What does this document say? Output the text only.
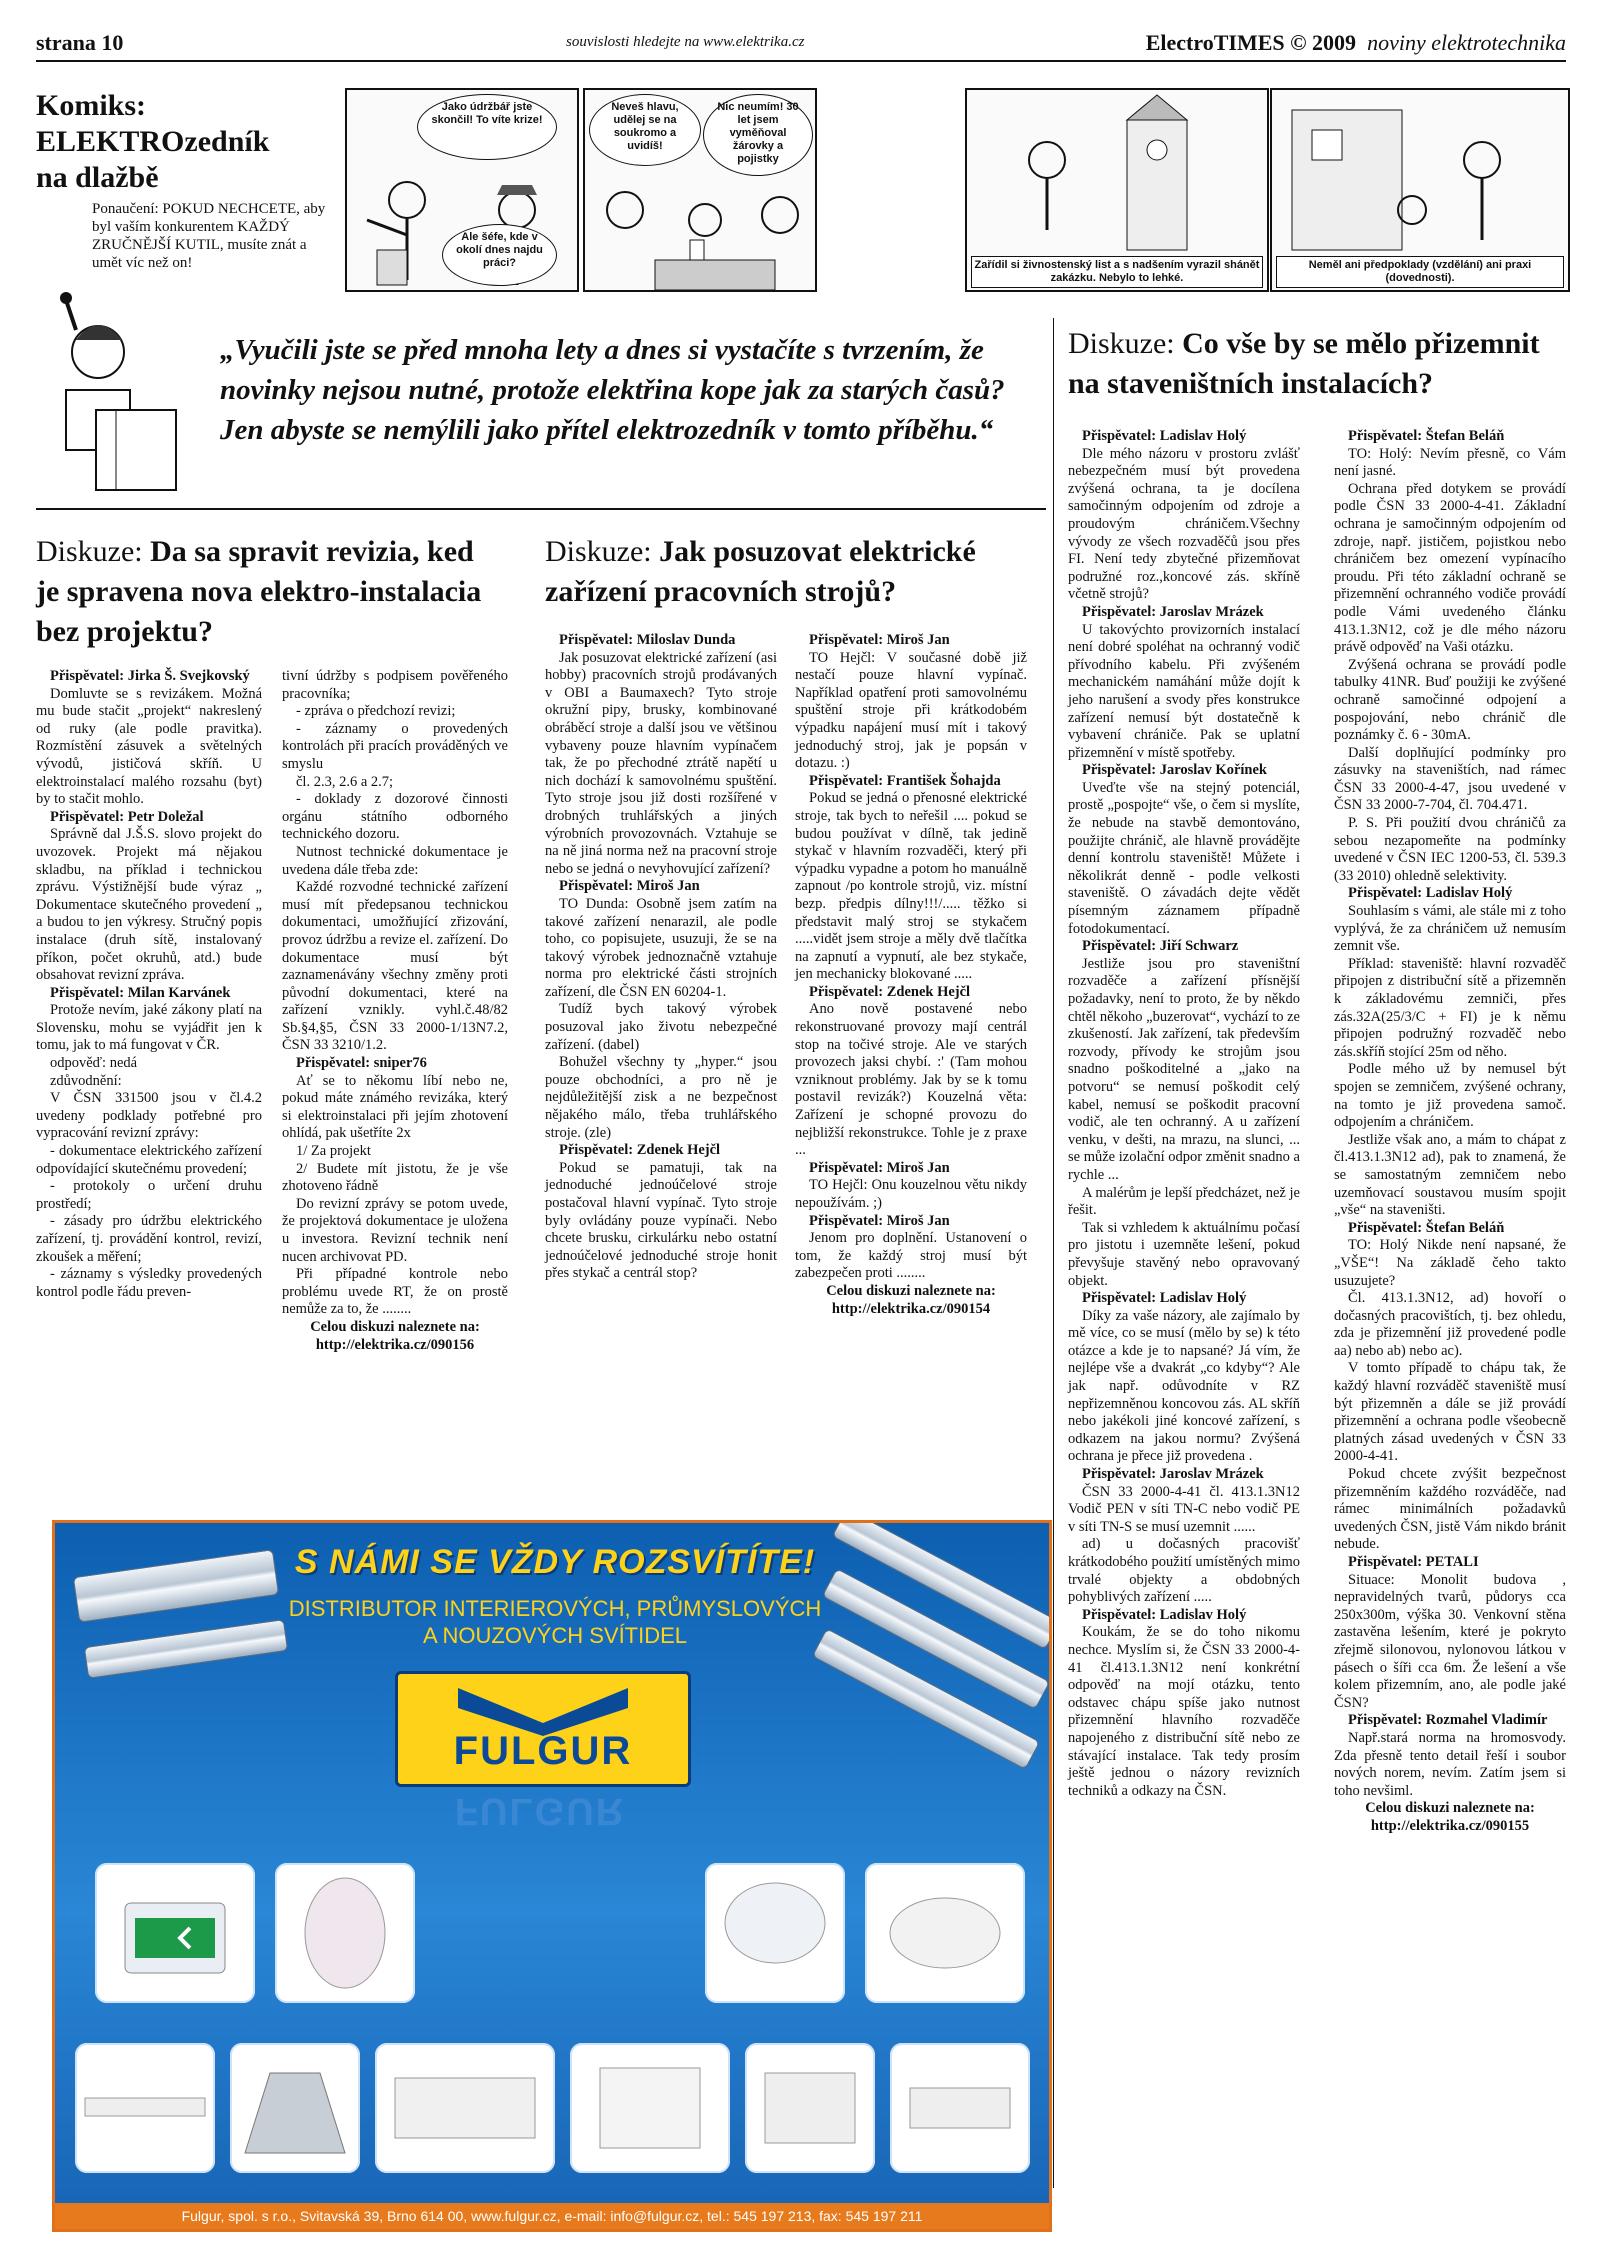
strana 10	souvislosti hledejte na www.elektrika.cz	ElectroTIMES © 2009 noviny elektrotechnika
Komiks:
ELEKTROzedník
na dlažbě
Ponaučení: POKUD NECHCETE, aby byl vaším konkurentem KAŽDÝ ZRUČNĚJŠÍ KUTIL, musíte znát a umět víc než on!
Jako údržbář jste skončil! To víte krize!
Ale šéfe, kde v okolí dnes najdu práci?
Neveš hlavu, udělej se na soukromo a uvidíš!
Nic neumím! 30 let jsem vyměňoval žárovky a pojistky
Zařídil si živnostenský list a s nadšením vyrazil shánět zakázku. Nebylo to lehké.
Neměl ani předpoklady (vzdělání) ani praxi (dovednosti).
„Vyučili jste se před mnoha lety a dnes si vystačíte s tvrzením, že novinky nejsou nutné, protože elektřina kope jak za starých časů? Jen abyste se nemýlili jako přítel elektrozedník v tomto příběhu.“
Diskuze: Da sa spravit revizia, ked je spravena nova elektro-instalacia bez projektu?

Přispěvatel: Jirka Š. Svejkovský

Domluvte se s revizákem. Možná mu bude stačit „projekt“ nakreslený od ruky (ale podle pravitka). Rozmístění zásuvek a světelných vývodů, jističová skříň. U elektroinstalací malého rozsahu (byt) by to stačit mohlo.

Přispěvatel: Petr Doležal

Správně dal J.Š.S. slovo projekt do uvozovek. Projekt má nějakou skladbu, na příklad i technickou zprávu. Výstižnější bude výraz „ Dokumentace skutečného provedení „ a budou to jen výkresy. Stručný popis instalace (druh sítě, instalovaný příkon, počet okruhů, atd.) bude obsahovat revizní zpráva.

Přispěvatel: Milan Karvánek

Protože nevím, jaké zákony platí na Slovensku, mohu se vyjádřit jen k tomu, jak to má fungovat v ČR.

odpověď: nedá

zdůvodnění:

V ČSN 331500 jsou v čl.4.2 uvedeny podklady potřebné pro vypracování revizní zprávy:

- dokumentace elektrického zařízení odpovídající skutečnému provedení;

- protokoly o určení druhu prostředí;

- zásady pro údržbu elektrického zařízení, tj. provádění kontrol, revizí, zkoušek a měření;

- záznamy s výsledky provedených kontrol podle řádu preven-

tivní údržby s podpisem pověřeného pracovníka;

- zpráva o předchozí revizi;

- záznamy o provedených kontrolách při pracích prováděných ve smyslu

čl. 2.3, 2.6 a 2.7;

- doklady z dozorové činnosti orgánu státního odborného technického dozoru.

Nutnost technické dokumentace je uvedena dále třeba zde:

Každé rozvodné technické zařízení musí mít předepsanou technickou dokumentaci, umožňující zřizování, provoz údržbu a revize el. zařízení. Do dokumentace musí být zaznamenávány všechny změny proti původní dokumentaci, které na zařízení vznikly. vyhl.č.48/82 Sb.§4,§5, ČSN 33 2000-1/13N7.2, ČSN 33 3210/1.2.

Přispěvatel: sniper76

Ať se to někomu líbí nebo ne, pokud máte známého revizáka, který si elektroinstalaci při jejím zhotovení ohlídá, pak ušetříte 2x

1/ Za projekt

2/ Budete mít jistotu, že je vše zhotoveno řádně

Do revizní zprávy se potom uvede, že projektová dokumentace je uložena u investora. Revizní technik není nucen archivovat PD.

Při případné kontrole nebo problému uvede RT, že on prostě nemůže za to, že ........

Celou diskuzi naleznete na: http://elektrika.cz/090156

Diskuze: Jak posuzovat elektrické zařízení pracovních strojů?

Přispěvatel: Miloslav Dunda

Jak posuzovat elektrické zařízení (asi hobby) pracovních strojů prodávaných v OBI a Baumaxech? Tyto stroje okružní pipy, brusky, kombinované obráběcí stroje a další jsou ve většinou vybaveny pouze hlavním vypínačem tak, že po přechodné ztrátě napětí u nich dochází k samovolnému spuštění. Tyto stroje jsou již dosti rozšířené v drobných truhlářských a jiných výrobních provozovnách. Vztahuje se na ně jiná norma než na pracovní stroje nebo se jedná o nevyhovující zařízení?

Přispěvatel: Miroš Jan

TO Dunda: Osobně jsem zatím na takové zařízení nenarazil, ale podle toho, co popisujete, usuzuji, že se na takový výrobek jednoznačně vztahuje norma pro elektrické části strojních zařízení, dle ČSN EN 60204-1.

Tudíž bych takový výrobek posuzoval jako životu nebezpečné zařízení. (dabel)

Bohužel všechny ty „hyper.“ jsou pouze obchodníci, a pro ně je nejdůležitější zisk a ne bezpečnost nějakého málo, třeba truhlářského stroje. (zle)

Přispěvatel: Zdenek Hejčl

Pokud se pamatuji, tak na jednoduché jednoúčelové stroje postačoval hlavní vypínač. Tyto stroje byly ovládány pouze vypínači. Nebo chcete brusku, cirkulárku nebo ostatní jednoúčelové jednoduché stroje honit přes stykač a centrál stop?

Přispěvatel: Miroš Jan

TO Hejčl: V současné době již nestačí pouze hlavní vypínač. Například opatření proti samovolnému spuštění stroje při krátkodobém výpadku napájení musí mít i takový jednoduchý stroj, jak je popsán v dotazu. :)

Přispěvatel: František Šohajda

Pokud se jedná o přenosné elektrické stroje, tak bych to neřešil .... pokud se budou používat v dílně, tak jedině stykač v hlavním rozvaděči, který při výpadku vypadne a potom ho manuálně zapnout /po kontrole strojů, viz. místní bezp. předpis dílny!!!/..... těžko si představit malý stroj se stykačem .....vidět jsem stroje a měly dvě tlačítka na zapnutí a vypnutí, ale bez stykače, jen mechanicky blokované .....

Přispěvatel: Zdenek Hejčl

Ano nově postavené nebo rekonstruované provozy mají centrál stop na točivé stroje. Ale ve starých provozech jaksi chybí. :' (Tam mohou vzniknout problémy. Jak by se k tomu postavil revizák?) Kouzelná věta: Zařízení je schopné provozu do nejbližší rekonstrukce. Tohle je z praxe ...

Přispěvatel: Miroš Jan

TO Hejčl: Onu kouzelnou větu nikdy nepoužívám. ;)

Přispěvatel: Miroš Jan

Jenom pro doplnění. Ustanovení o tom, že každý stroj musí být zabezpečen proti ........

Celou diskuzi naleznete na: http://elektrika.cz/090154

Diskuze: Co vše by se mělo přizemnit na staveništních instalacích?

Přispěvatel: Ladislav Holý

Dle mého názoru v prostoru zvlášť nebezpečném musí být provedena zvýšená ochrana, ta je docílena samočinným odpojením od zdroje a proudovým chráničem.Všechny vývody ze všech rozvaděčů jsou přes FI. Není tedy zbytečné přizemňovat podružné roz.,koncové zás. skříně včetně strojů?

Přispěvatel: Jaroslav Mrázek

U takovýchto provizorních instalací není dobré spoléhat na ochranný vodič přívodního kabelu. Při zvýšeném mechanickém namáhání může dojít k jeho narušení a svody přes konstrukce zařízení nemusí být dostatečně k vybavení chrániče. Pak se uplatní přizemnění v místě spotřeby.

Přispěvatel: Jaroslav Kořínek

Uveďte vše na stejný potenciál, prostě „pospojte“ vše, o čem si myslíte, že nebude na stavbě demontováno, použijte chránič, ale hlavně provádějte denní kontrolu staveniště! Můžete i několikrát denně - podle velkosti staveniště. O závadách dejte vědět písemným záznamem případně fotodokumentací.

Přispěvatel: Jiří Schwarz

Jestliže jsou pro staveništní rozvaděče a zařízení přísnější požadavky, není to proto, že by někdo chtěl někoho „buzerovat“, vychází to ze zkušeností. Jak zařízení, tak především rozvody, přívody ke strojům jsou snadno poškoditelné a „jako na potvoru“ se nemusí poškodit celý kabel, nemusí se poškodit pracovní vodič, ale ten ochranný. A u zařízení venku, v dešti, na mrazu, na slunci, ... se může izolační odpor změnit snadno a rychle ...

A malérům je lepší předcházet, než je řešit.

Tak si vzhledem k aktuálnímu počasí pro jistotu i uzemněte lešení, pokud převyšuje stavěný nebo opravovaný objekt.

Přispěvatel: Ladislav Holý

Díky za vaše názory, ale zajímalo by mě více, co se musí (mělo by se) k této otázce a kde je to napsané? Já vím, že nejlépe vše a dvakrát „co kdyby“? Ale jak např. odůvodníte v RZ nepřizemněnou koncovou zás. AL skříň nebo jakékoli jiné koncové zařízení, s odkazem na jakou normu? Zvýšená ochrana je přece již provedena .

Přispěvatel: Jaroslav Mrázek

ČSN 33 2000-4-41 čl. 413.1.3N12 Vodič PEN v síti TN-C nebo vodič PE v síti TN-S se musí uzemnit ......

ad) u dočasných pracovišť krátkodobého použití umístěných mimo trvalé objekty a obdobných pohyblivých zařízení .....

Přispěvatel: Ladislav Holý

Koukám, že se do toho nikomu nechce. Myslím si, že ČSN 33 2000-4-41 čl.413.1.3N12 není konkrétní odpověď na mojí otázku, tento odstavec chápu spíše jako nutnost přizemnění hlavního rozvaděče napojeného z distribuční sítě nebo ze stávající instalace. Tak tedy prosím ještě jednou o názory revizních techniků a odkazy na ČSN.

Přispěvatel: Štefan Beláň

TO: Holý: Nevím přesně, co Vám není jasné.

Ochrana před dotykem se provádí podle ČSN 33 2000-4-41. Základní ochrana je samočinným odpojením od zdroje, např. jističem, pojistkou nebo chráničem bez omezení vypínacího proudu. Při této základní ochraně se přizemnění ochranného vodiče provádí podle Vámi uvedeného článku 413.1.3N12, což je dle mého názoru právě odpověď na Vaši otázku.

Zvýšená ochrana se provádí podle tabulky 41NR. Buď použiji ke zvýšené ochraně samočinné odpojení a pospojování, nebo chránič dle poznámky č. 6 - 30mA.

Další doplňující podmínky pro zásuvky na staveništích, nad rámec ČSN 33 2000-4-47, jsou uvedené v ČSN 33 2000-7-704, čl. 704.471.

P. S. Při použití dvou chráničů za sebou nezapomeňte na podmínky uvedené v ČSN IEC 1200-53, čl. 539.3 (33 2010) ohledně selektivity.

Přispěvatel: Ladislav Holý

Souhlasím s vámi, ale stále mi z toho vyplývá, že za chráničem už nemusím zemnit vše.

Příklad: staveniště: hlavní rozvaděč připojen z distribuční sítě a přizemněn k základovému zemniči, přes zás.32A(25/3/C + FI) je k němu připojen podružný rozvaděč nebo zás.skříň stojící 25m od něho.

Podle mého už by nemusel být spojen se zemničem, zvýšené ochrany, na tomto je již provedena samoč. odpojením a chráničem.

Jestliže však ano, a mám to chápat z čl.413.1.3N12 ad), pak to znamená, že se samostatným zemničem nebo uzemňovací soustavou musím spojit „vše“ na staveništi.

Přispěvatel: Štefan Beláň

TO: Holý Nikde není napsané, že „VŠE“! Na základě čeho takto usuzujete?

Čl. 413.1.3N12, ad) hovoří o dočasných pracovištích, tj. bez ohledu, zda je přizemnění již provedené podle aa) nebo ab) nebo ac).

V tomto případě to chápu tak, že každý hlavní rozváděč staveniště musí být přizemněn a dále se již provádí přizemnění a ochrana podle všeobecně platných zásad uvedených v ČSN 33 2000-4-41.

Pokud chcete zvýšit bezpečnost přizemněním každého rozváděče, nad rámec minimálních požadavků uvedených ČSN, jistě Vám nikdo bránit nebude.

Přispěvatel: PETALI

Situace: Monolit budova , nepravidelných tvarů, půdorys cca 250x300m, výška 30. Venkovní stěna zastavěna lešením, které je pokryto zřejmě silonovou, nylonovou látkou v pásech o šíři cca 6m. Že lešení a vše kolem přizemním, ano, ale podle jaké ČSN?

Přispěvatel: Rozmahel Vladimír

Např.stará norma na hromosvody. Zda přesně tento detail řeší i soubor nových norem, nevím. Zatím jsem si toho nevšiml.

Celou diskuzi naleznete na: http://elektrika.cz/090155

S NÁMI SE VŽDY ROZSVÍTÍTE!
DISTRIBUTOR INTERIEROVÝCH, PRŮMYSLOVÝCH
A NOUZOVÝCH SVÍTIDEL
FULGUR
FULGUR
Fulgur, spol. s r.o., Svitavská 39, Brno 614 00, www.fulgur.cz, e-mail: info@fulgur.cz, tel.: 545 197 213, fax: 545 197 211
